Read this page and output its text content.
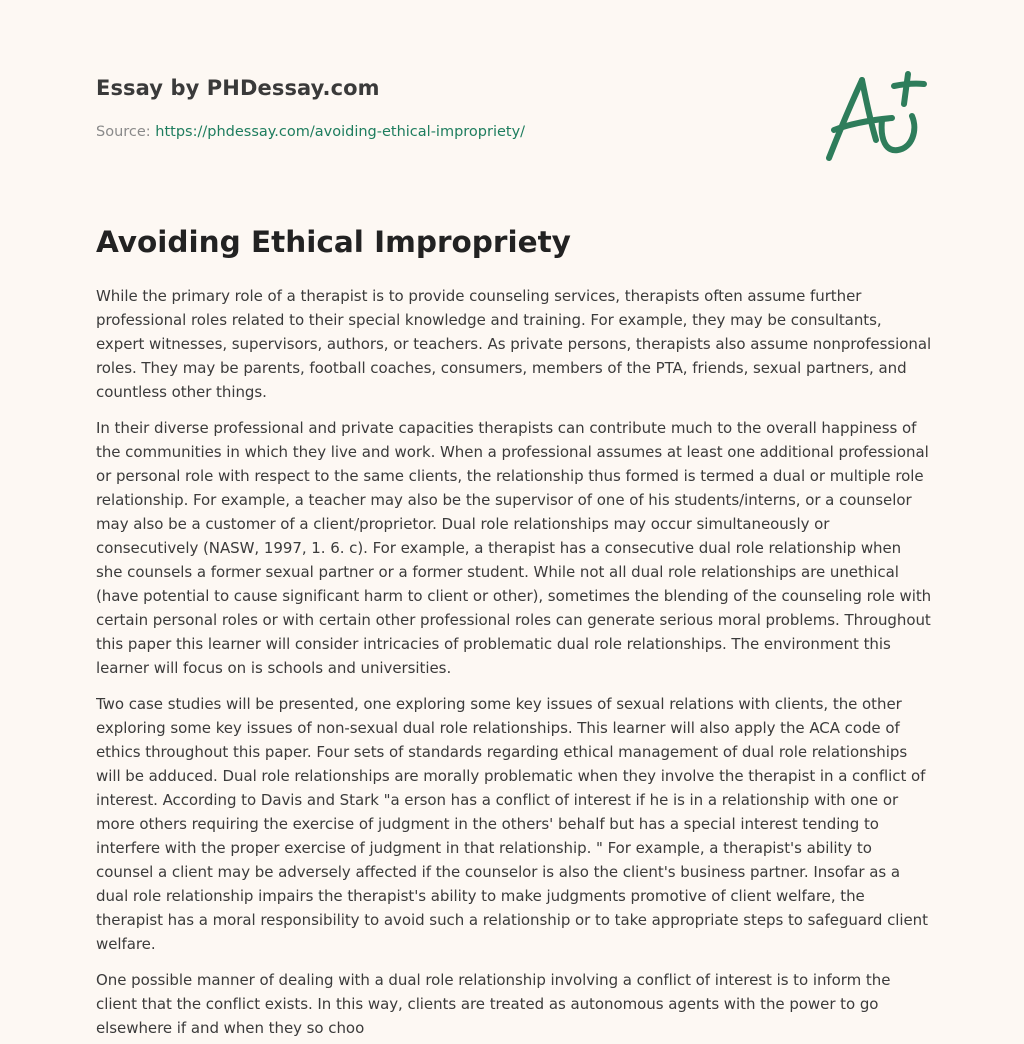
Essay by PHDessay.com
Source: https://phdessay.com/avoiding-ethical-impropriety/
Avoiding Ethical Impropriety

While the primary role of a therapist is to provide counseling services, therapists often assume further professional roles related to their special knowledge and training. For example, they may be consultants, expert witnesses, supervisors, authors, or teachers. As private persons, therapists also assume nonprofessional roles. They may be parents, football coaches, consumers, members of the PTA, friends, sexual partners, and countless other things.

In their diverse professional and private capacities therapists can contribute much to the overall happiness of the communities in which they live and work. When a professional assumes at least one additional professional or personal role with respect to the same clients, the relationship thus formed is termed a dual or multiple role relationship. For example, a teacher may also be the supervisor of one of his students/interns, or a counselor may also be a customer of a client/proprietor. Dual role relationships may occur simultaneously or consecutively (NASW, 1997, 1. 6. c). For example, a therapist has a consecutive dual role relationship when she counsels a former sexual partner or a former student. While not all dual role relationships are unethical (have potential to cause significant harm to client or other), sometimes the blending of the counseling role with certain personal roles or with certain other professional roles can generate serious moral problems. Throughout this paper this learner will consider intricacies of problematic dual role relationships. The environment this learner will focus on is schools and universities.

Two case studies will be presented, one exploring some key issues of sexual relations with clients, the other exploring some key issues of non-sexual dual role relationships. This learner will also apply the ACA code of ethics throughout this paper. Four sets of standards regarding ethical management of dual role relationships will be adduced. Dual role relationships are morally problematic when they involve the therapist in a conflict of interest. According to Davis and Stark "a erson has a conflict of interest if he is in a relationship with one or more others requiring the exercise of judgment in the others' behalf but has a special interest tending to interfere with the proper exercise of judgment in that relationship. " For example, a therapist's ability to counsel a client may be adversely affected if the counselor is also the client's business partner. Insofar as a dual role relationship impairs the therapist's ability to make judgments promotive of client welfare, the therapist has a moral responsibility to avoid such a relationship or to take appropriate steps to safeguard client welfare.

One possible manner of dealing with a dual role relationship involving a conflict of interest is to inform the client that the conflict exists. In this way, clients are treated as autonomous agents with the power to go elsewhere if and when they so choo
